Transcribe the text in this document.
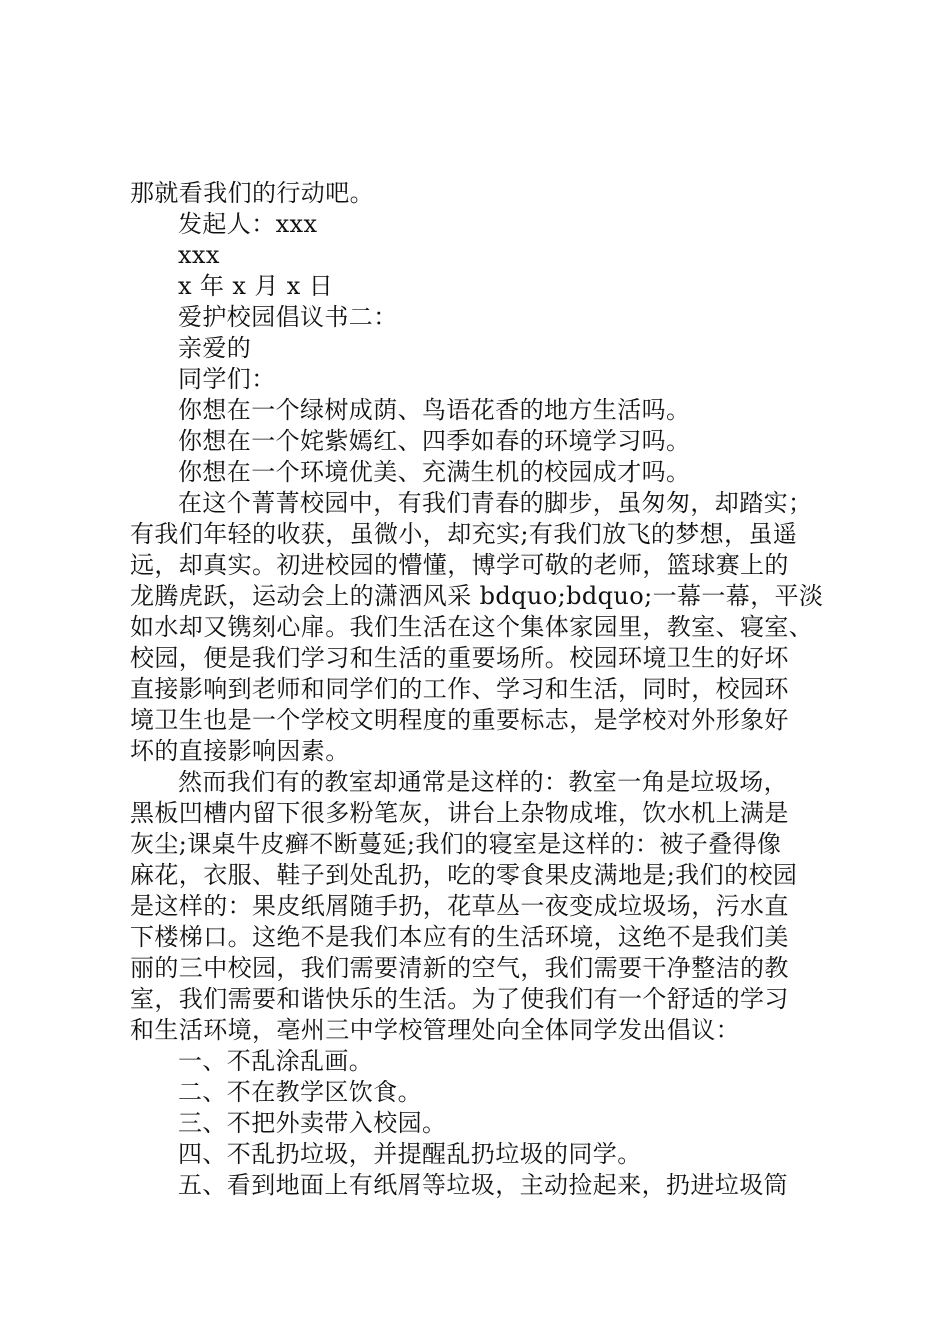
那就看我们的行动吧。
发起人：xxx
xxx
x 年 x 月 x 日
爱护校园倡议书二：
亲爱的
同学们：
你想在一个绿树成荫、鸟语花香的地方生活吗。
你想在一个姹紫嫣红、四季如春的环境学习吗。
你想在一个环境优美、充满生机的校园成才吗。
在这个菁菁校园中，有我们青春的脚步，虽匆匆，却踏实；
有我们年轻的收获，虽微小，却充实;有我们放飞的梦想，虽遥
远，却真实。初进校园的懵懂，博学可敬的老师，篮球赛上的
龙腾虎跃，运动会上的潇洒风采 bdquo;bdquo;一幕一幕，平淡
如水却又镌刻心扉。我们生活在这个集体家园里，教室、寝室、
校园，便是我们学习和生活的重要场所。校园环境卫生的好坏
直接影响到老师和同学们的工作、学习和生活，同时，校园环
境卫生也是一个学校文明程度的重要标志，是学校对外形象好
坏的直接影响因素。
然而我们有的教室却通常是这样的：教室一角是垃圾场，
黑板凹槽内留下很多粉笔灰，讲台上杂物成堆，饮水机上满是
灰尘;课桌牛皮癣不断蔓延;我们的寝室是这样的：被子叠得像
麻花，衣服、鞋子到处乱扔，吃的零食果皮满地是;我们的校园
是这样的：果皮纸屑随手扔，花草丛一夜变成垃圾场，污水直
下楼梯口。这绝不是我们本应有的生活环境，这绝不是我们美
丽的三中校园，我们需要清新的空气，我们需要干净整洁的教
室，我们需要和谐快乐的生活。为了使我们有一个舒适的学习
和生活环境，亳州三中学校管理处向全体同学发出倡议：
一、不乱涂乱画。
二、不在教学区饮食。
三、不把外卖带入校园。
四、不乱扔垃圾，并提醒乱扔垃圾的同学。
五、看到地面上有纸屑等垃圾，主动捡起来，扔进垃圾筒
